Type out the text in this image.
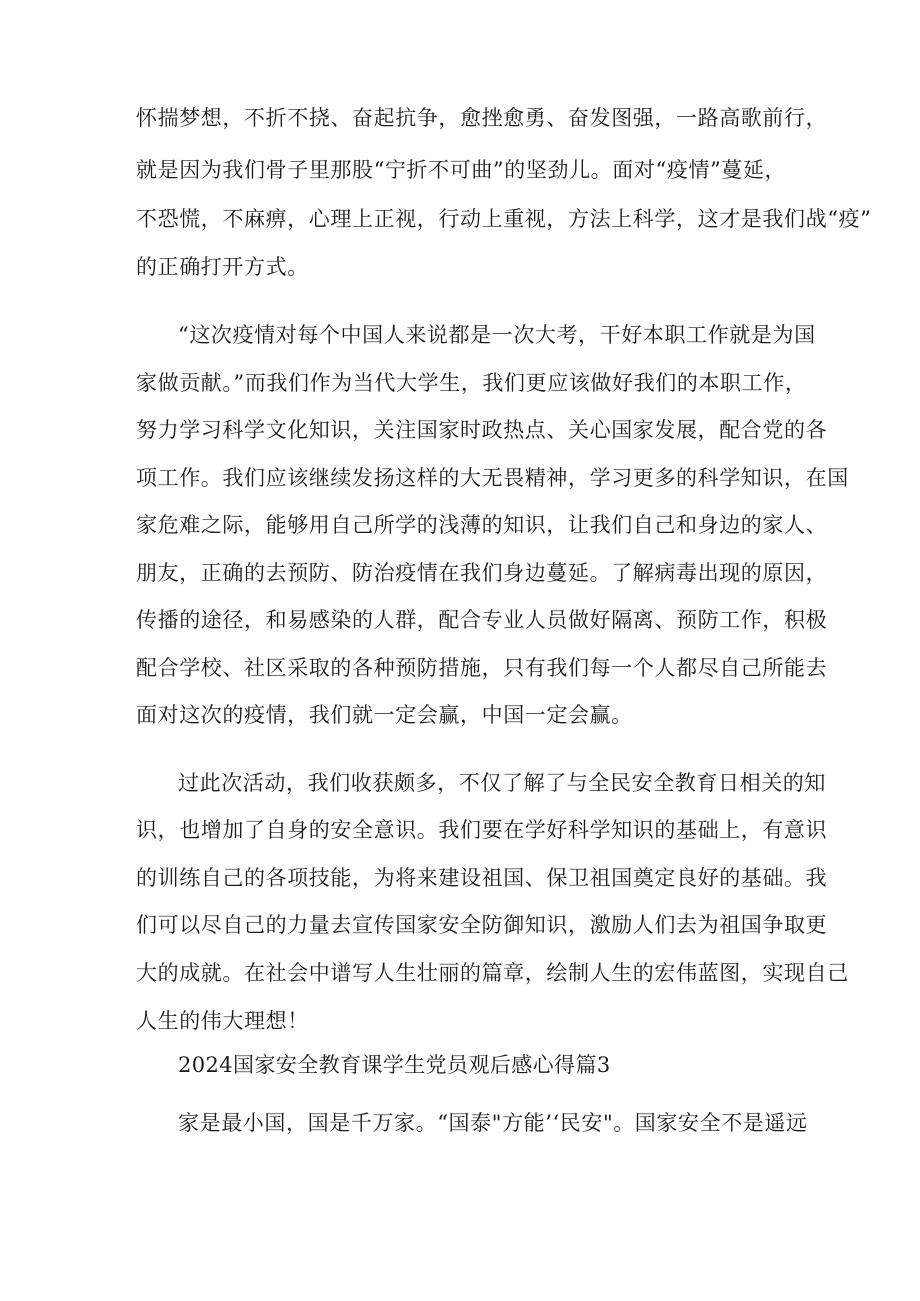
怀揣梦想，不折不挠、奋起抗争，愈挫愈勇、奋发图强，一路高歌前行，
就是因为我们骨子里那股“宁折不可曲”的坚劲儿。面对“疫情”蔓延，
不恐慌，不麻痹，心理上正视，行动上重视，方法上科学，这才是我们战“疫”
的正确打开方式。
“这次疫情对每个中国人来说都是一次大考，干好本职工作就是为国
家做贡献。”而我们作为当代大学生，我们更应该做好我们的本职工作，
努力学习科学文化知识，关注国家时政热点、关心国家发展，配合党的各
项工作。我们应该继续发扬这样的大无畏精神，学习更多的科学知识，在国
家危难之际，能够用自己所学的浅薄的知识，让我们自己和身边的家人、
朋友，正确的去预防、防治疫情在我们身边蔓延。了解病毒出现的原因，
传播的途径，和易感染的人群，配合专业人员做好隔离、预防工作，积极
配合学校、社区采取的各种预防措施，只有我们每一个人都尽自己所能去
面对这次的疫情，我们就一定会赢，中国一定会赢。
过此次活动，我们收获颇多，不仅了解了与全民安全教育日相关的知
识，也增加了自身的安全意识。我们要在学好科学知识的基础上，有意识
的训练自己的各项技能，为将来建设祖国、保卫祖国奠定良好的基础。我
们可以尽自己的力量去宣传国家安全防御知识，激励人们去为祖国争取更
大的成就。在社会中谱写人生壮丽的篇章，绘制人生的宏伟蓝图，实现自己
人生的伟大理想！
2024国家安全教育课学生党员观后感心得篇3
家是最小国，国是千万家。“国泰"方能’‘民安"。国家安全不是遥远
